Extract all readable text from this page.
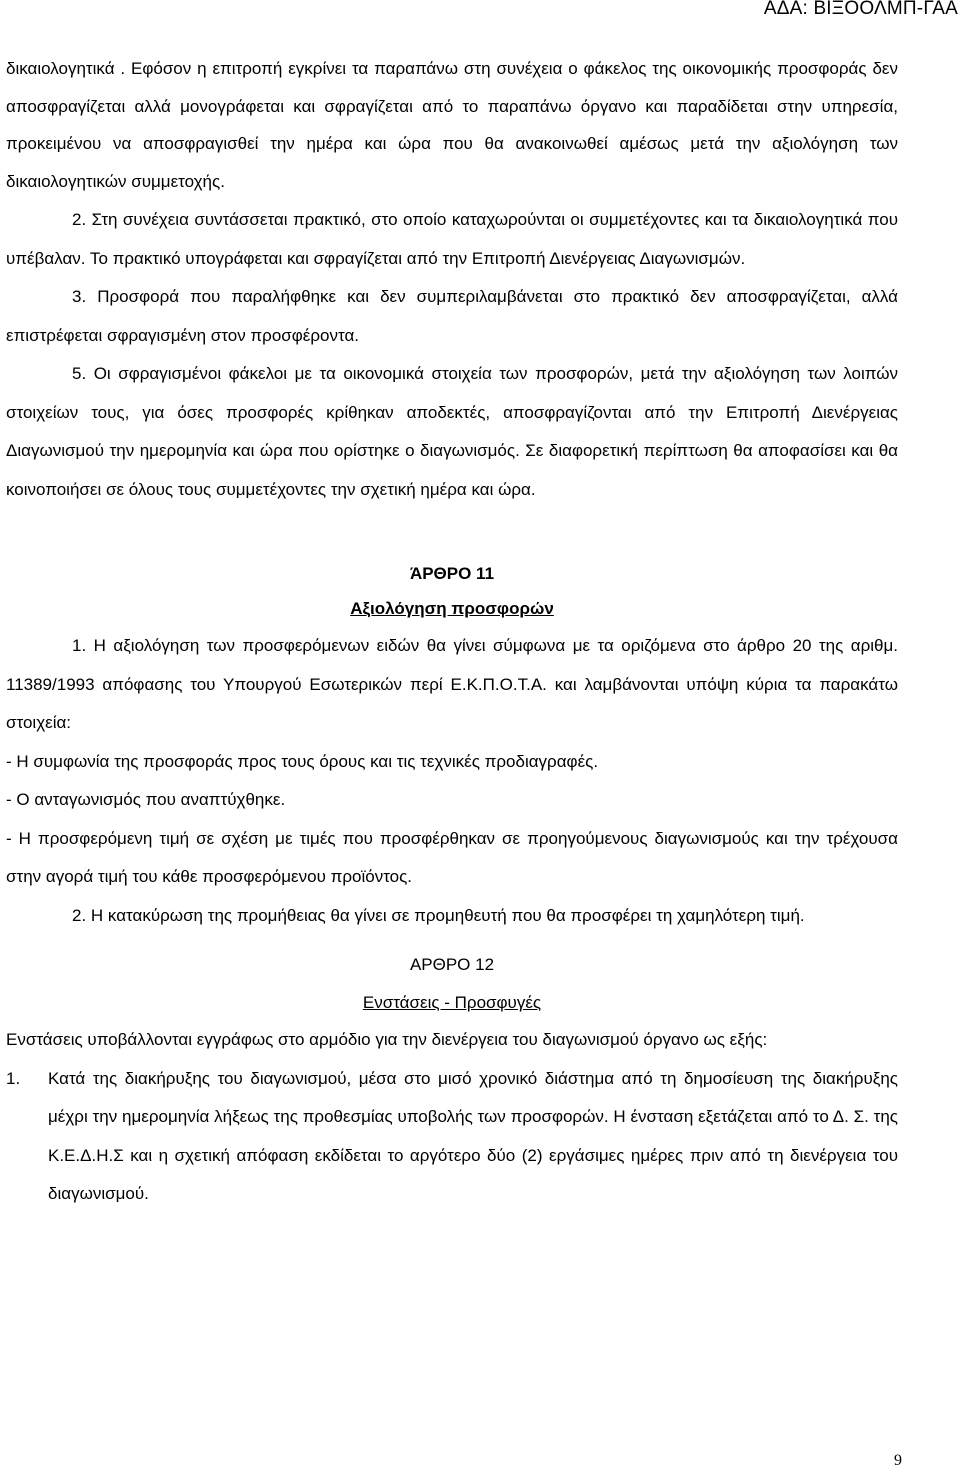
ΑΔΑ: ΒΙΞΟΟΛΜΠ-ΓΑΑ

δικαιολογητικά . Εφόσον η επιτροπή εγκρίνει τα παραπάνω στη συνέχεια ο φάκελος της οικονομικής προσφοράς δεν αποσφραγίζεται αλλά μονογράφεται και σφραγίζεται από το παραπάνω όργανο και παραδίδεται στην υπηρεσία, προκειμένου να αποσφραγισθεί την ημέρα και ώρα που θα ανακοινωθεί αμέσως μετά την αξιολόγηση των δικαιολογητικών συμμετοχής.

2. Στη συνέχεια συντάσσεται πρακτικό, στο οποίο καταχωρούνται οι συμμετέχοντες και τα δικαιολογητικά που υπέβαλαν. Το πρακτικό υπογράφεται και σφραγίζεται από την Επιτροπή Διενέργειας Διαγωνισμών.

3. Προσφορά που παραλήφθηκε και δεν συμπεριλαμβάνεται στο πρακτικό δεν αποσφραγίζεται, αλλά επιστρέφεται σφραγισμένη στον προσφέροντα.

5. Οι σφραγισμένοι φάκελοι με τα οικονομικά στοιχεία των προσφορών, μετά την αξιολόγηση των λοιπών στοιχείων τους, για όσες προσφορές κρίθηκαν αποδεκτές, αποσφραγίζονται από την Επιτροπή Διενέργειας Διαγωνισμού την ημερομηνία και ώρα που ορίστηκε ο διαγωνισμός. Σε διαφορετική περίπτωση θα αποφασίσει και θα κοινοποιήσει σε όλους τους συμμετέχοντες την σχετική ημέρα και ώρα.

ΆΡΘΡΟ 11

Αξιολόγηση προσφορών

1. Η αξιολόγηση των προσφερόμενων ειδών θα γίνει σύμφωνα με τα οριζόμενα στο άρθρο 20 της αριθμ. 11389/1993 απόφασης του Υπουργού Εσωτερικών περί Ε.Κ.Π.Ο.Τ.Α. και λαμβάνονται υπόψη κύρια τα παρακάτω στοιχεία:

- Η συμφωνία της προσφοράς προς τους όρους και τις τεχνικές προδιαγραφές.

- Ο ανταγωνισμός που αναπτύχθηκε.

- Η προσφερόμενη τιμή σε σχέση με τιμές που προσφέρθηκαν σε προηγούμενους διαγωνισμούς και την τρέχουσα στην αγορά τιμή του κάθε προσφερόμενου προϊόντος.

2. Η κατακύρωση της προμήθειας θα γίνει σε προμηθευτή που θα προσφέρει τη χαμηλότερη τιμή.

ΑΡΘΡΟ 12

Ενστάσεις - Προσφυγές

Ενστάσεις υποβάλλονται εγγράφως στο αρμόδιο για την διενέργεια του διαγωνισμού όργανο ως εξής:

1. Κατά της διακήρυξης του διαγωνισμού, μέσα στο μισό χρονικό διάστημα από τη δημοσίευση της διακήρυξης μέχρι την ημερομηνία λήξεως της προθεσμίας υποβολής των προσφορών. Η ένσταση εξετάζεται από το Δ. Σ. της Κ.Ε.Δ.Η.Σ και η σχετική απόφαση εκδίδεται το αργότερο δύο (2) εργάσιμες ημέρες πριν από τη διενέργεια του διαγωνισμού.
9
